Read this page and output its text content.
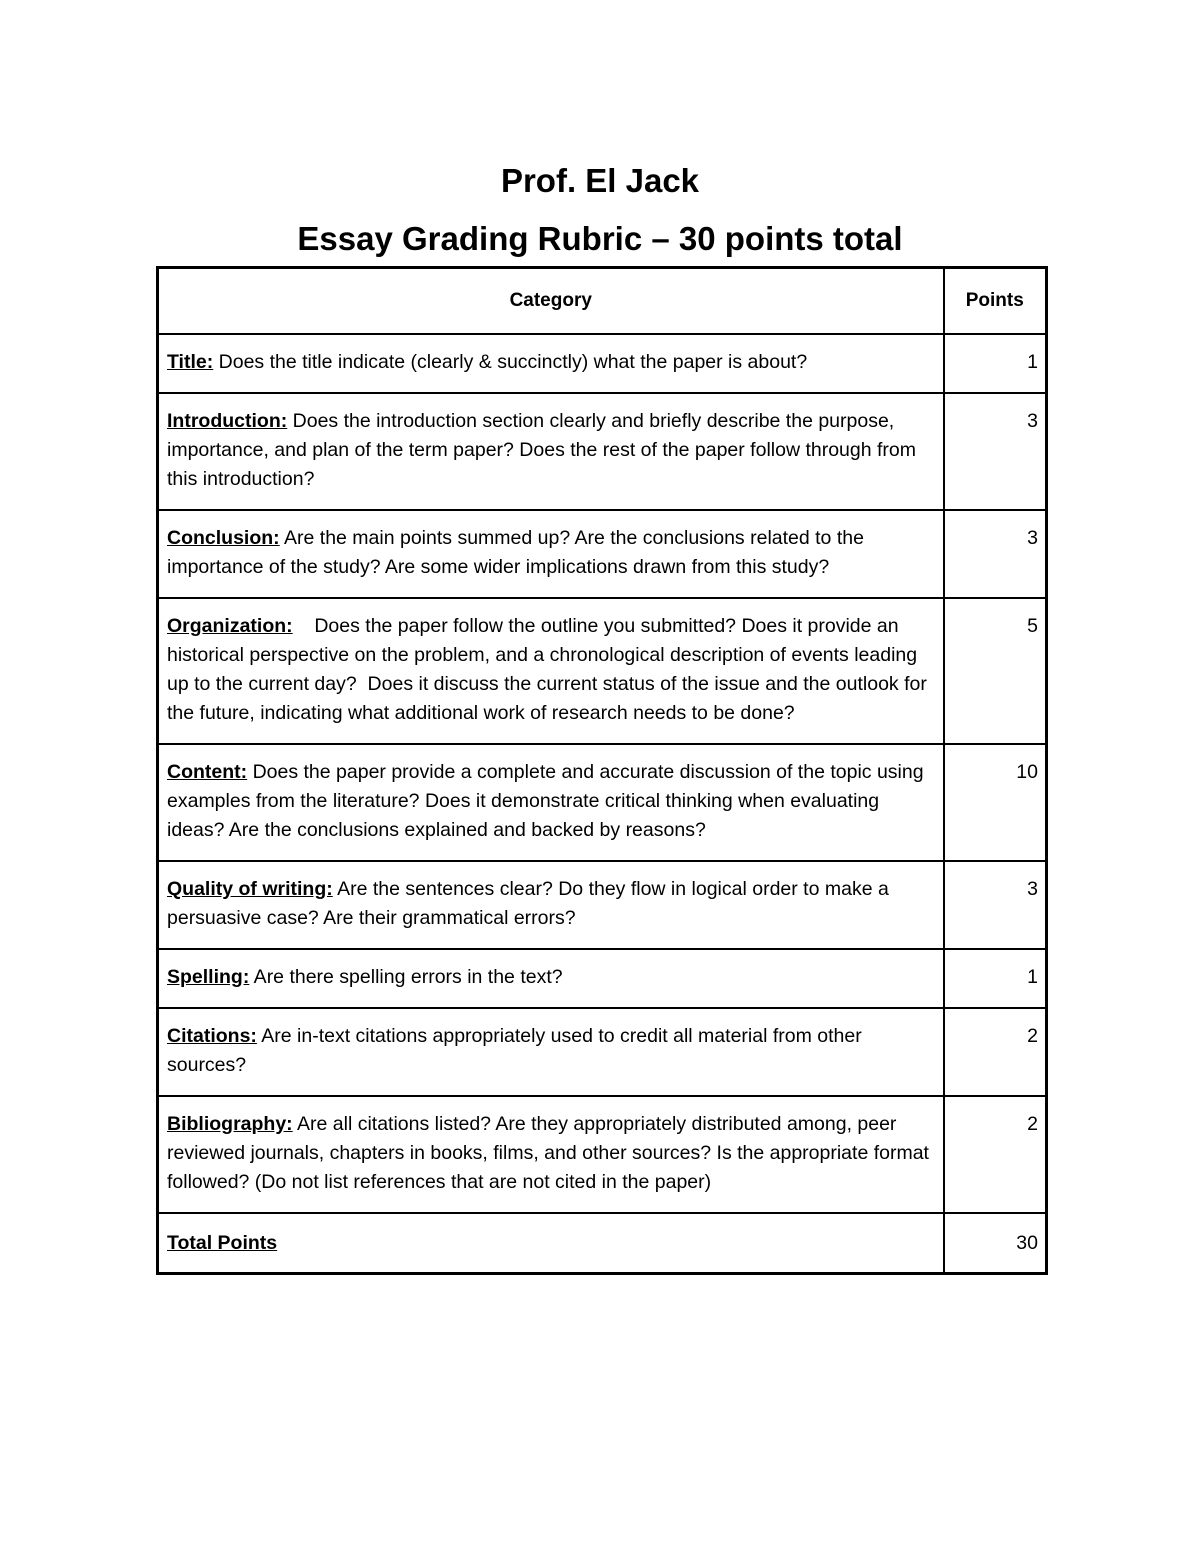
Prof. El Jack

Essay Grading Rubric – 30 points total

Category	Points
Title: Does the title indicate (clearly & succinctly) what the paper is about?	1
Introduction: Does the introduction section clearly and briefly describe the purpose, importance, and plan of the term paper? Does the rest of the paper follow through from this introduction?	3
Conclusion: Are the main points summed up? Are the conclusions related to the importance of the study? Are some wider implications drawn from this study?	3
Organization:    Does the paper follow the outline you submitted? Does it provide an historical perspective on the problem, and a chronological description of events leading up to the current day?  Does it discuss the current status of the issue and the outlook for the future, indicating what additional work of research needs to be done?	5
Content: Does the paper provide a complete and accurate discussion of the topic using examples from the literature? Does it demonstrate critical thinking when evaluating ideas? Are the conclusions explained and backed by reasons?	10
Quality of writing: Are the sentences clear? Do they flow in logical order to make a persuasive case? Are their grammatical errors?	3
Spelling: Are there spelling errors in the text?	1
Citations: Are in-text citations appropriately used to credit all material from other sources?	2
Bibliography: Are all citations listed? Are they appropriately distributed among, peer reviewed journals, chapters in books, films, and other sources? Is the appropriate format followed? (Do not list references that are not cited in the paper)	2
Total Points	30
